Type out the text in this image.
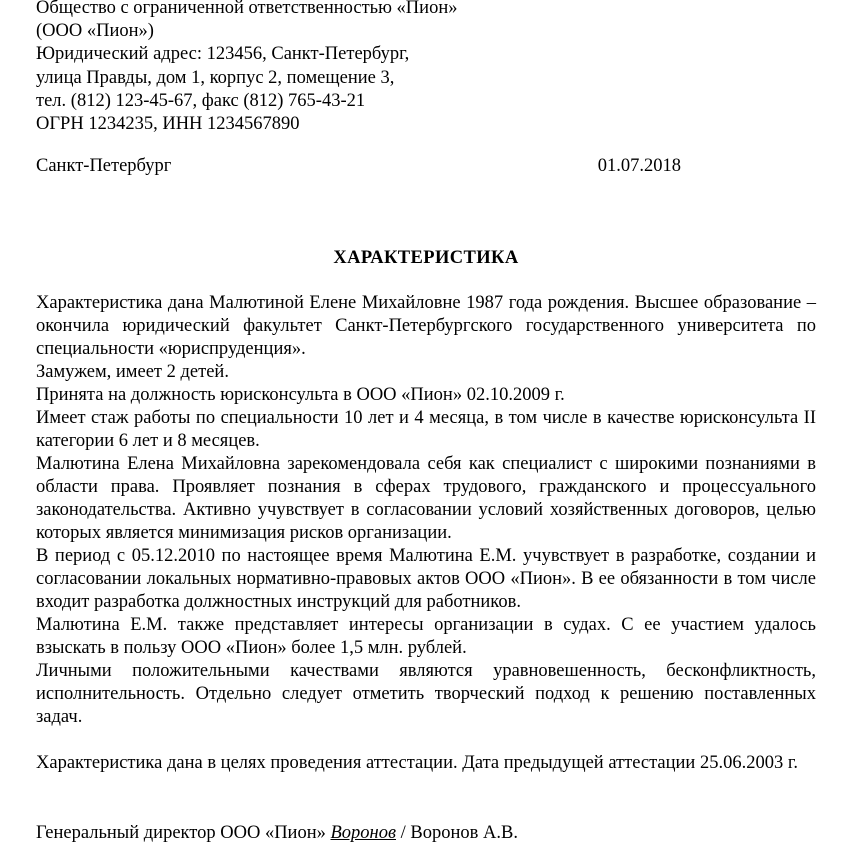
Общество с ограниченной ответственностью «Пион»
(ООО «Пион»)
Юридический адрес: 123456, Санкт-Петербург,
улица Правды, дом 1, корпус 2, помещение 3,
тел. (812) 123-45-67, факс (812) 765-43-21
ОГРН 1234235, ИНН 1234567890
Санкт-Петербург	01.07.2018
ХАРАКТЕРИСТИКА

Характеристика дана Малютиной Елене Михайловне 1987 года рождения. Высшее образование – окончила юридический факультет Санкт-Петербургского государственного университета по специальности «юриспруденция».

Замужем, имеет 2 детей.

Принята на должность юрисконсульта в ООО «Пион» 02.10.2009 г.

Имеет стаж работы по специальности 10 лет и 4 месяца, в том числе в качестве юрисконсульта II категории 6 лет и 8 месяцев.

Малютина Елена Михайловна зарекомендовала себя как специалист с широкими познаниями в области права. Проявляет познания в сферах трудового, гражданского и процессуального законодательства. Активно учувствует в согласовании условий хозяйственных договоров, целью которых является минимизация рисков организации.

В период с 05.12.2010 по настоящее время Малютина Е.М. учувствует в разработке, создании и согласовании локальных нормативно-правовых актов ООО «Пион». В ее обязанности в том числе входит разработка должностных инструкций для работников.

Малютина Е.М. также представляет интересы организации в судах. С ее участием удалось взыскать в пользу ООО «Пион» более 1,5 млн. рублей.

Личными положительными качествами являются уравновешенность, бесконфликтность, исполнительность. Отдельно следует отметить творческий подход к решению поставленных задач.

Характеристика дана в целях проведения аттестации. Дата предыдущей аттестации 25.06.2003 г.

Генеральный директор ООО «Пион» Воронов / Воронов А.В.
